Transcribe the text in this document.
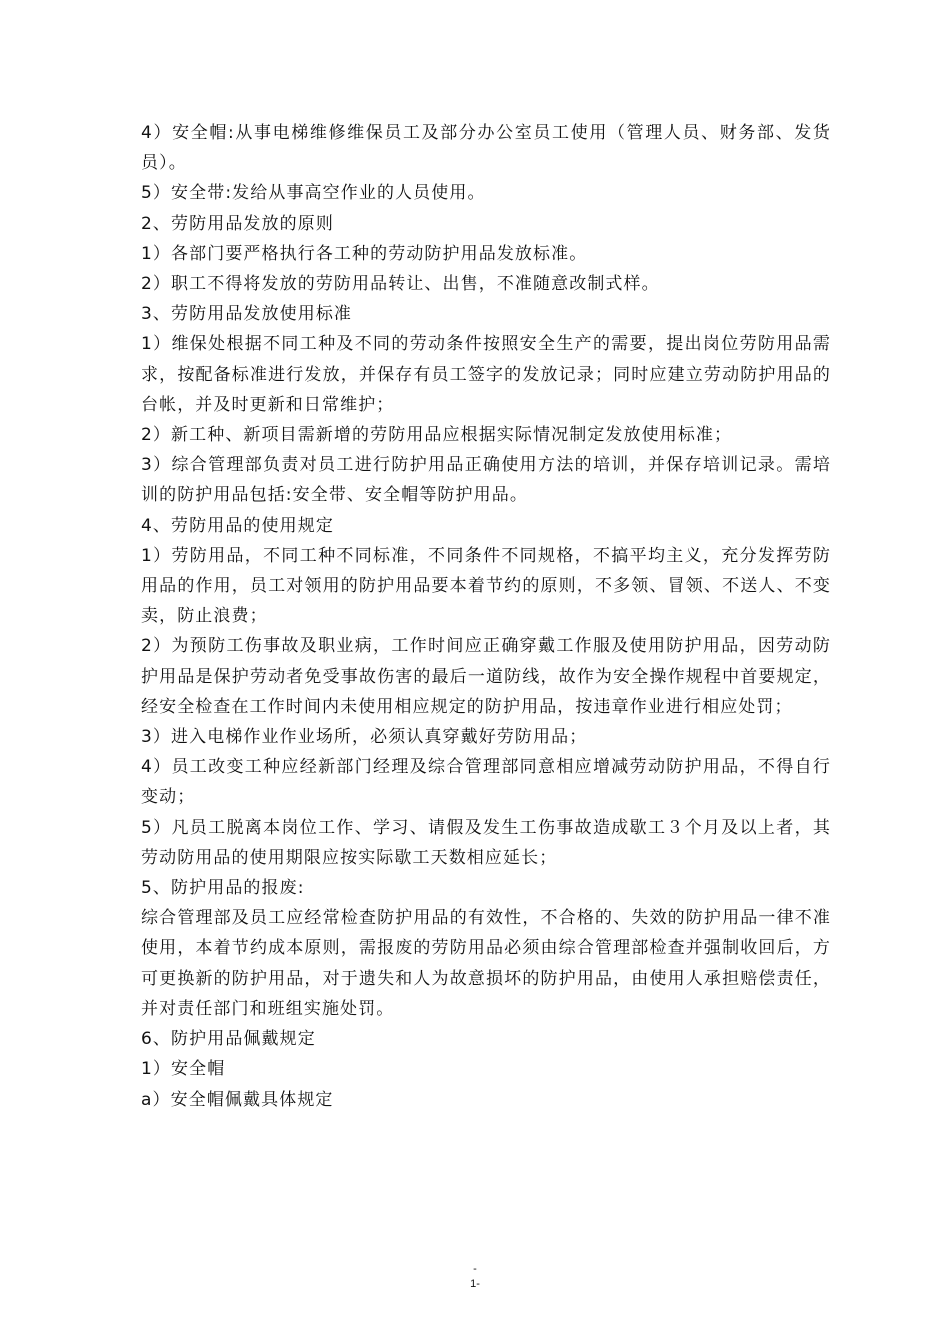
4）安全帽:从事电梯维修维保员工及部分办公室员工使用（管理人员、财务部、发货员）。

5）安全带:发给从事高空作业的人员使用。

2、劳防用品发放的原则

1）各部门要严格执行各工种的劳动防护用品发放标准。

2）职工不得将发放的劳防用品转让、出售，不准随意改制式样。

3、劳防用品发放使用标准

1）维保处根据不同工种及不同的劳动条件按照安全生产的需要，提出岗位劳防用品需求，按配备标准进行发放，并保存有员工签字的发放记录；同时应建立劳动防护用品的台帐，并及时更新和日常维护；

2）新工种、新项目需新增的劳防用品应根据实际情况制定发放使用标准；

3）综合管理部负责对员工进行防护用品正确使用方法的培训，并保存培训记录。需培训的防护用品包括:安全带、安全帽等防护用品。

4、劳防用品的使用规定

1）劳防用品，不同工种不同标准，不同条件不同规格，不搞平均主义，充分发挥劳防用品的作用，员工对领用的防护用品要本着节约的原则，不多领、冒领、不送人、不变卖，防止浪费；

2）为预防工伤事故及职业病，工作时间应正确穿戴工作服及使用防护用品，因劳动防护用品是保护劳动者免受事故伤害的最后一道防线，故作为安全操作规程中首要规定，经安全检查在工作时间内未使用相应规定的防护用品，按违章作业进行相应处罚；

3）进入电梯作业作业场所，必须认真穿戴好劳防用品；

4）员工改变工种应经新部门经理及综合管理部同意相应增减劳动防护用品，不得自行变动；

5）凡员工脱离本岗位工作、学习、请假及发生工伤事故造成歇工３个月及以上者，其劳动防用品的使用期限应按实际歇工天数相应延长；

5、防护用品的报废:

综合管理部及员工应经常检查防护用品的有效性，不合格的、失效的防护用品一律不准使用，本着节约成本原则，需报废的劳防用品必须由综合管理部检查并强制收回后，方可更换新的防护用品，对于遗失和人为故意损坏的防护用品，由使用人承担赔偿责任，并对责任部门和班组实施处罚。

6、防护用品佩戴规定

1）安全帽

a）安全帽佩戴具体规定

-
1-
